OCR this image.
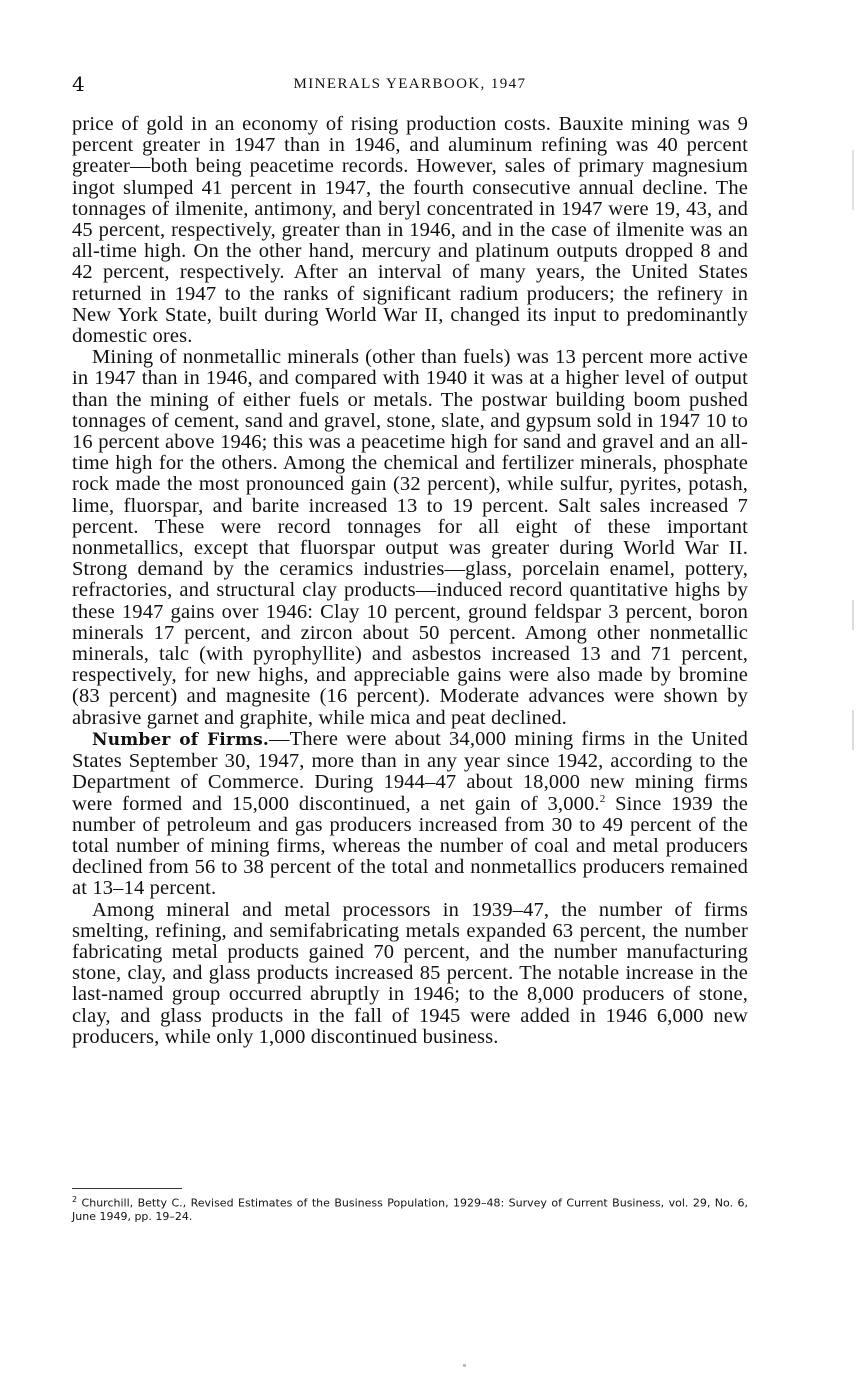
4	MINERALS YEARBOOK, 1947

price of gold in an economy of rising production costs. Bauxite mining was 9 percent greater in 1947 than in 1946, and aluminum refining was 40 percent greater—both being peacetime records. However, sales of primary magnesium ingot slumped 41 percent in 1947, the fourth consecutive annual decline. The tonnages of ilmenite, antimony, and beryl concentrated in 1947 were 19, 43, and 45 percent, respectively, greater than in 1946, and in the case of ilmenite was an all-time high. On the other hand, mercury and platinum outputs dropped 8 and 42 percent, respectively. After an interval of many years, the United States returned in 1947 to the ranks of significant radium producers; the refinery in New York State, built during World War II, changed its input to predominantly domestic ores.

Mining of nonmetallic minerals (other than fuels) was 13 percent more active in 1947 than in 1946, and compared with 1940 it was at a higher level of output than the mining of either fuels or metals. The postwar building boom pushed tonnages of cement, sand and gravel, stone, slate, and gypsum sold in 1947 10 to 16 percent above 1946; this was a peacetime high for sand and gravel and an all-time high for the others. Among the chemical and fertilizer minerals, phosphate rock made the most pronounced gain (32 percent), while sulfur, pyrites, potash, lime, fluorspar, and barite increased 13 to 19 percent. Salt sales increased 7 percent. These were record tonnages for all eight of these important nonmetallics, except that fluorspar output was greater during World War II. Strong demand by the ceramics industries—glass, porcelain enamel, pottery, refractories, and structural clay products—induced record quantitative highs by these 1947 gains over 1946: Clay 10 percent, ground feldspar 3 percent, boron minerals 17 percent, and zircon about 50 percent. Among other nonmetallic minerals, talc (with pyrophyllite) and asbestos increased 13 and 71 percent, respectively, for new highs, and appreciable gains were also made by bromine (83 percent) and magnesite (16 percent). Moderate advances were shown by abrasive garnet and graphite, while mica and peat declined.

Number of Firms.—There were about 34,000 mining firms in the United States September 30, 1947, more than in any year since 1942, according to the Department of Commerce. During 1944–47 about 18,000 new mining firms were formed and 15,000 discontinued, a net gain of 3,000.$^2$ Since 1939 the number of petroleum and gas producers increased from 30 to 49 percent of the total number of mining firms, whereas the number of coal and metal producers declined from 56 to 38 percent of the total and nonmetallics producers remained at 13–14 percent.

Among mineral and metal processors in 1939–47, the number of firms smelting, refining, and semifabricating metals expanded 63 percent, the number fabricating metal products gained 70 percent, and the number manufacturing stone, clay, and glass products increased 85 percent. The notable increase in the last-named group occurred abruptly in 1946; to the 8,000 producers of stone, clay, and glass products in the fall of 1945 were added in 1946 6,000 new producers, while only 1,000 discontinued business.

$^2$ Churchill, Betty C., Revised Estimates of the Business Population, 1929–48: Survey of Current Business, vol. 29, No. 6, June 1949, pp. 19–24.
